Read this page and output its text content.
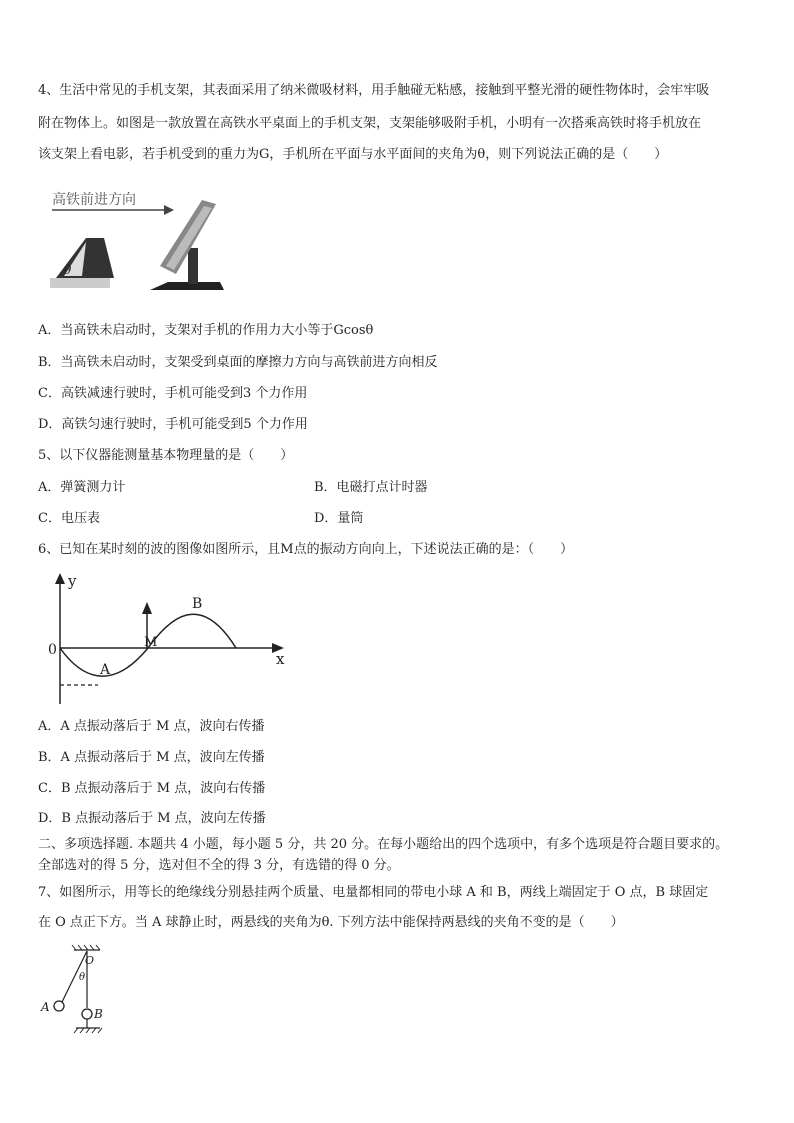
4、生活中常见的手机支架，其表面采用了纳米微吸材料，用手触碰无粘感，接触到平整光滑的硬性物体时，会牢牢吸
附在物体上。如图是一款放置在高铁水平桌面上的手机支架，支架能够吸附手机，小明有一次搭乘高铁时将手机放在
该支架上看电影，若手机受到的重力为G，手机所在平面与水平面间的夹角为θ，则下列说法正确的是（　　）
高铁前进方向
θ
A．当高铁未启动时，支架对手机的作用力大小等于Gcosθ
B．当高铁未启动时，支架受到桌面的摩擦力方向与高铁前进方向相反
C．高铁减速行驶时，手机可能受到3 个力作用
D．高铁匀速行驶时，手机可能受到5 个力作用
5、以下仪器能测量基本物理量的是（　　）
A．弹簧测力计	B．电磁打点计时器
C．电压表	D．量筒
6、已知在某时刻的波的图像如图所示，且M点的振动方向向上，下述说法正确的是：（　　）
y
x
0
A
B
M
A．A 点振动落后于 M 点，波向右传播
B．A 点振动落后于 M 点，波向左传播
C．B 点振动落后于 M 点，波向右传播
D．B 点振动落后于 M 点，波向左传播
二、多项选择题. 本题共 4 小题，每小题 5 分，共 20 分。在每小题给出的四个选项中，有多个选项是符合题目要求的。
全部选对的得 5 分，选对但不全的得 3 分，有选错的得 0 分。
7、如图所示，用等长的绝缘线分别悬挂两个质量、电量都相同的带电小球 A 和 B，两线上端固定于 O 点，B 球固定
在 O 点正下方。当 A 球静止时，两悬线的夹角为θ. 下列方法中能保持两悬线的夹角不变的是（　　）
O
θ
A	B
